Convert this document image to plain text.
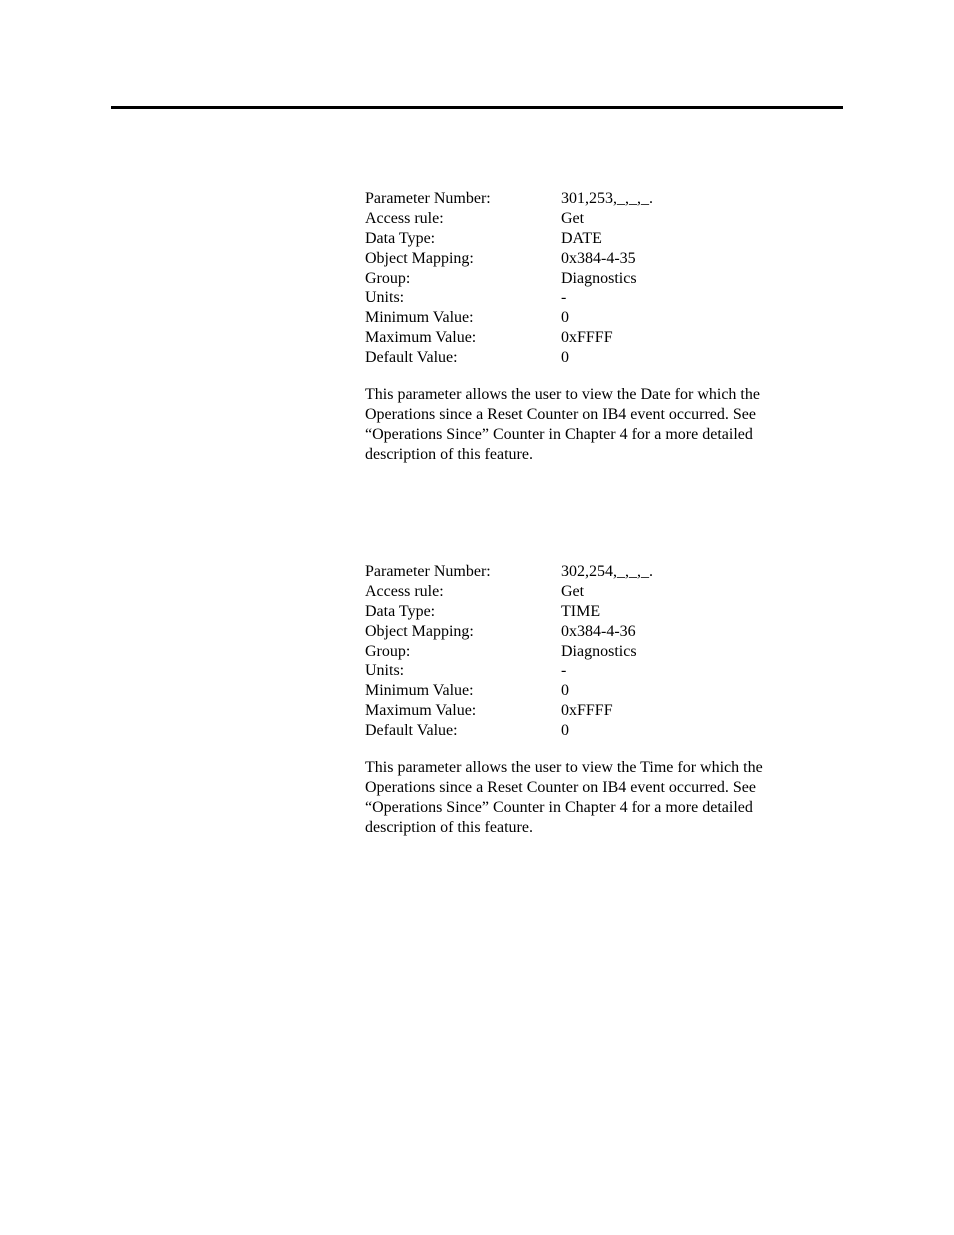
Parameter Number:	301,253,_,_,_.
Access rule:	Get
Data Type:	DATE
Object Mapping:	0x384-4-35
Group:	Diagnostics
Units:	-
Minimum Value:	0
Maximum Value:	0xFFFF
Default Value:	0

This parameter allows the user to view the Date for which the
Operations since a Reset Counter on IB4 event occurred. See
“Operations Since” Counter in Chapter 4 for a more detailed
description of this feature.

Parameter Number:	302,254,_,_,_.
Access rule:	Get
Data Type:	TIME
Object Mapping:	0x384-4-36
Group:	Diagnostics
Units:	-
Minimum Value:	0
Maximum Value:	0xFFFF
Default Value:	0

This parameter allows the user to view the Time for which the
Operations since a Reset Counter on IB4 event occurred. See
“Operations Since” Counter in Chapter 4 for a more detailed
description of this feature.
